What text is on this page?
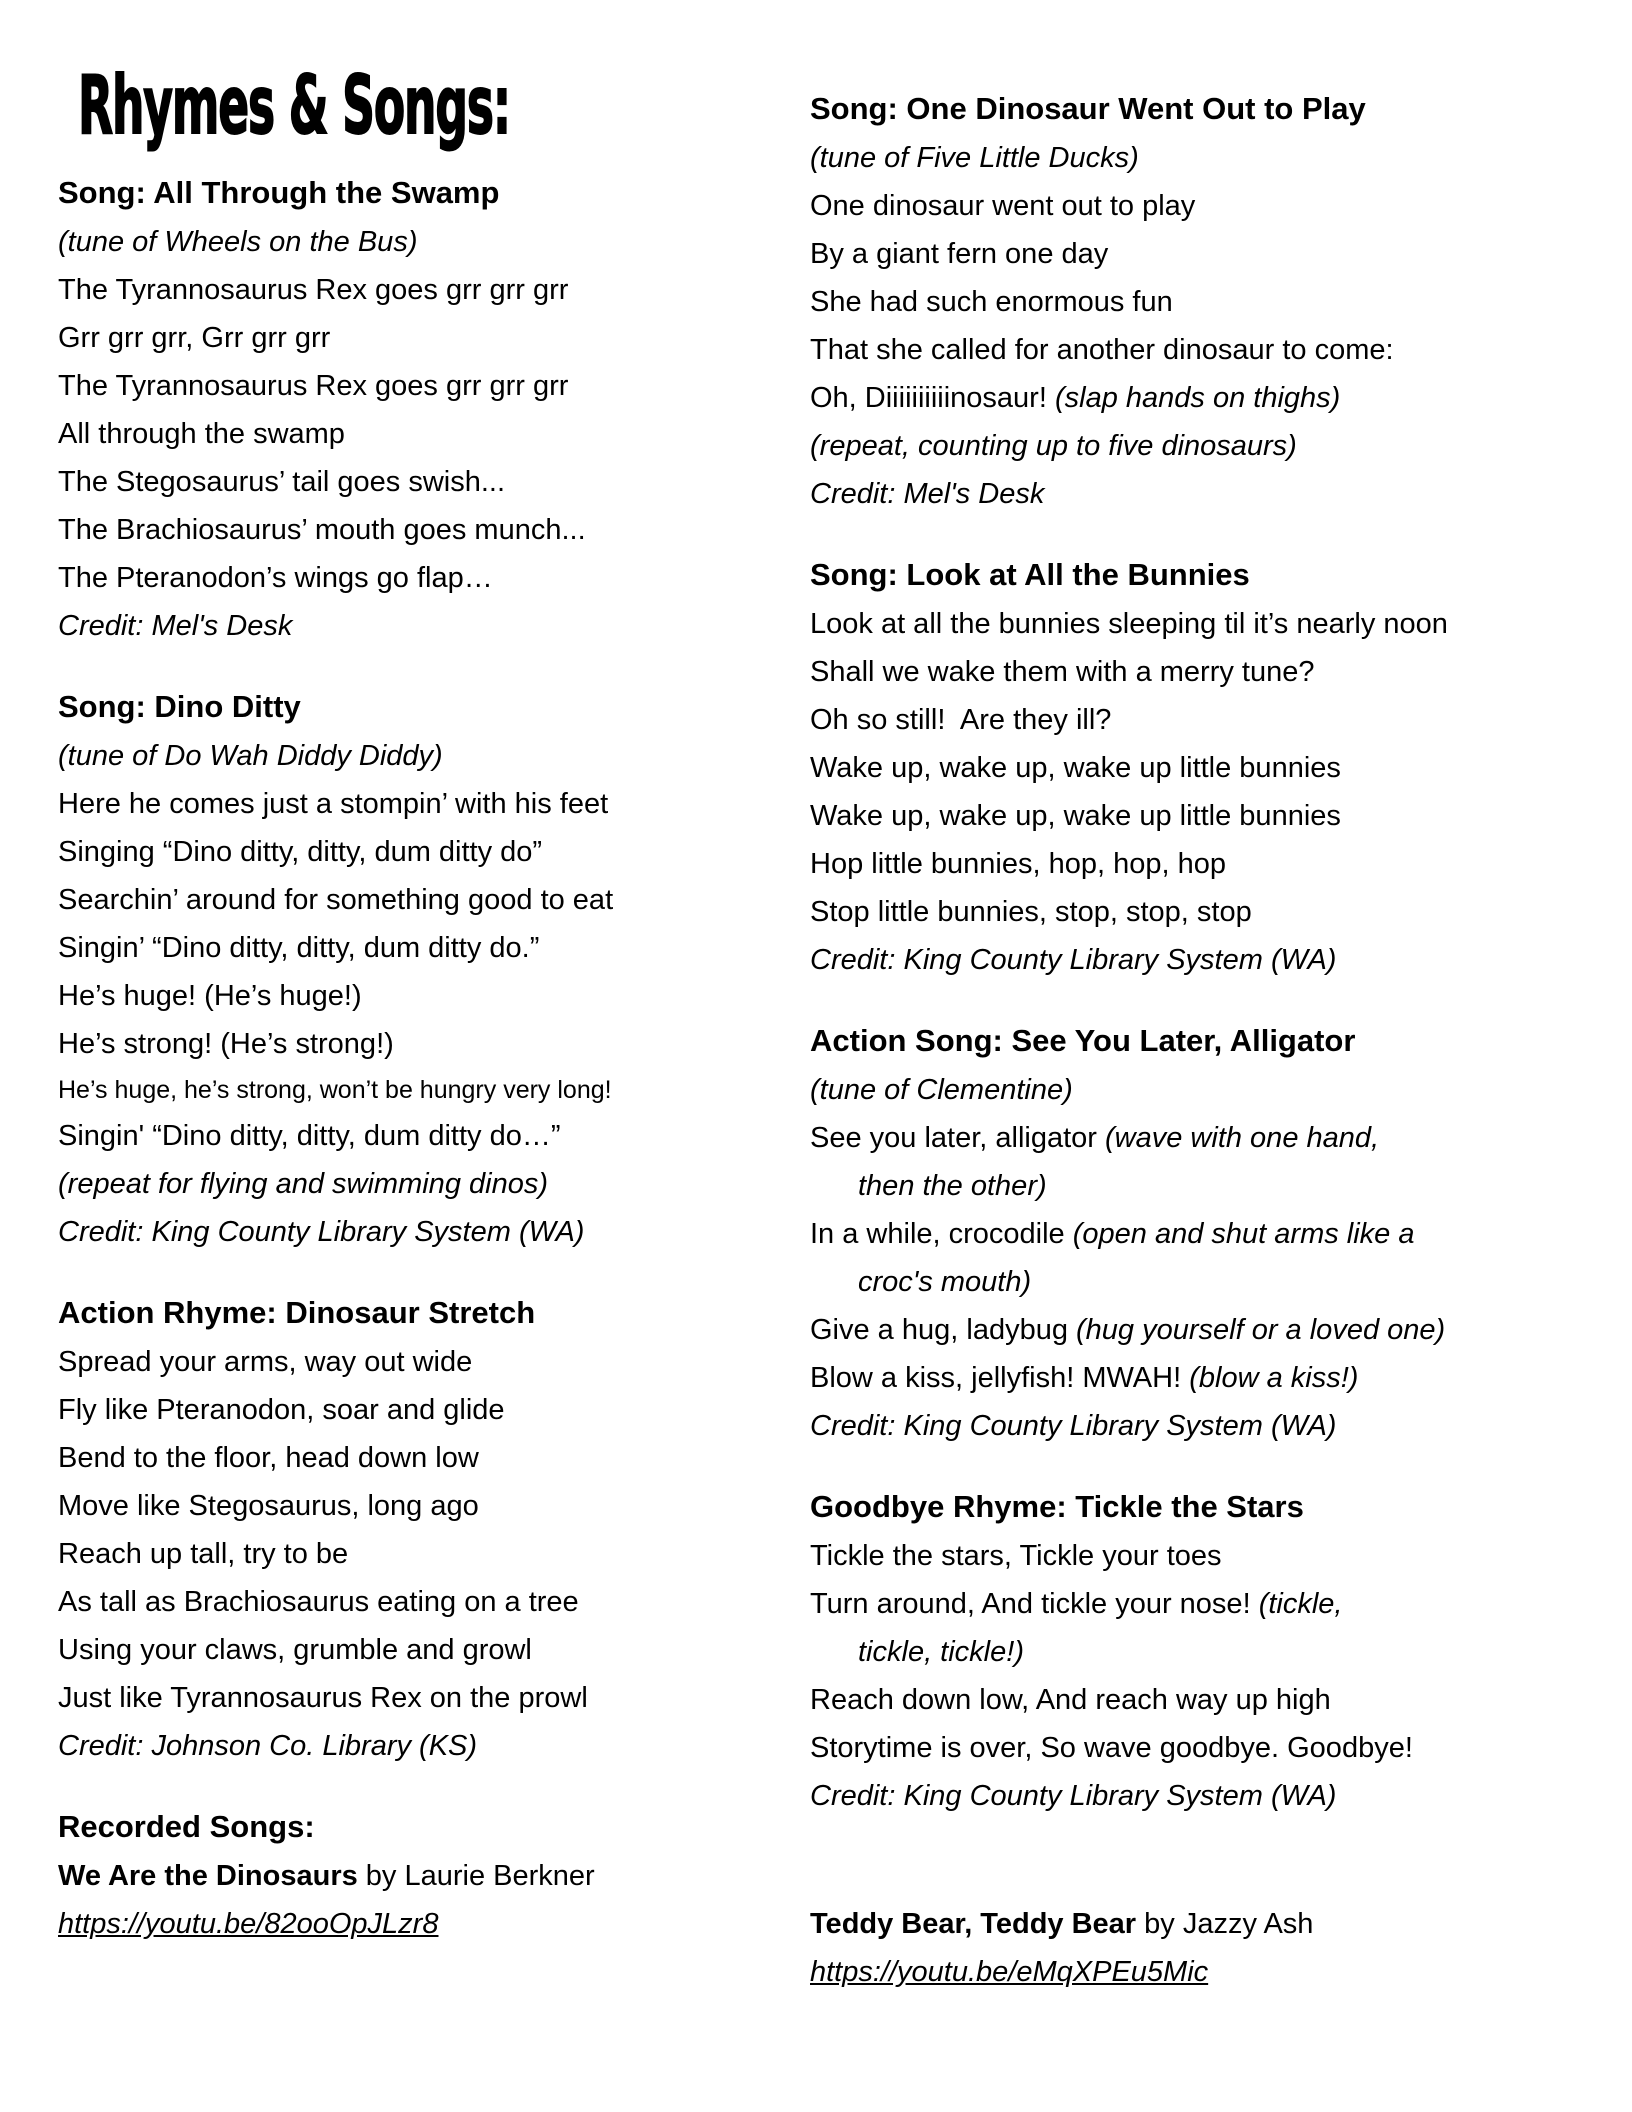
Rhymes & Songs:
Song: All Through the Swamp
(tune of Wheels on the Bus)
The Tyrannosaurus Rex goes grr grr grr
Grr grr grr, Grr grr grr
The Tyrannosaurus Rex goes grr grr grr
All through the swamp
The Stegosaurus’ tail goes swish...
The Brachiosaurus’ mouth goes munch...
The Pteranodon’s wings go flap…
Credit: Mel's Desk
Song: Dino Ditty
(tune of Do Wah Diddy Diddy)
Here he comes just a stompin’ with his feet
Singing “Dino ditty, ditty, dum ditty do”
Searchin’ around for something good to eat
Singin’ “Dino ditty, ditty, dum ditty do.”
He’s huge! (He’s huge!)
He’s strong! (He’s strong!)
He’s huge, he’s strong, won’t be hungry very long!
Singin' “Dino ditty, ditty, dum ditty do…”
(repeat for flying and swimming dinos)
Credit: King County Library System (WA)
Action Rhyme: Dinosaur Stretch
Spread your arms, way out wide
Fly like Pteranodon, soar and glide
Bend to the floor, head down low
Move like Stegosaurus, long ago
Reach up tall, try to be
As tall as Brachiosaurus eating on a tree
Using your claws, grumble and growl
Just like Tyrannosaurus Rex on the prowl
Credit: Johnson Co. Library (KS)
Recorded Songs:
We Are the Dinosaurs by Laurie Berkner
https://youtu.be/82ooOpJLzr8
Song: One Dinosaur Went Out to Play
(tune of Five Little Ducks)
One dinosaur went out to play
By a giant fern one day
She had such enormous fun
That she called for another dinosaur to come:
Oh, Diiiiiiiiiinosaur! (slap hands on thighs)
(repeat, counting up to five dinosaurs)
Credit: Mel's Desk
Song: Look at All the Bunnies
Look at all the bunnies sleeping til it’s nearly noon
Shall we wake them with a merry tune?
Oh so still!  Are they ill?
Wake up, wake up, wake up little bunnies
Wake up, wake up, wake up little bunnies
Hop little bunnies, hop, hop, hop
Stop little bunnies, stop, stop, stop
Credit: King County Library System (WA)
Action Song: See You Later, Alligator
(tune of Clementine)
See you later, alligator (wave with one hand,
then the other)
In a while, crocodile (open and shut arms like a
croc's mouth)
Give a hug, ladybug (hug yourself or a loved one)
Blow a kiss, jellyfish! MWAH! (blow a kiss!)
Credit: King County Library System (WA)
Goodbye Rhyme: Tickle the Stars
Tickle the stars, Tickle your toes
Turn around, And tickle your nose! (tickle,
tickle, tickle!)
Reach down low, And reach way up high
Storytime is over, So wave goodbye. Goodbye!
Credit: King County Library System (WA)
Teddy Bear, Teddy Bear by Jazzy Ash
https://youtu.be/eMqXPEu5Mic
